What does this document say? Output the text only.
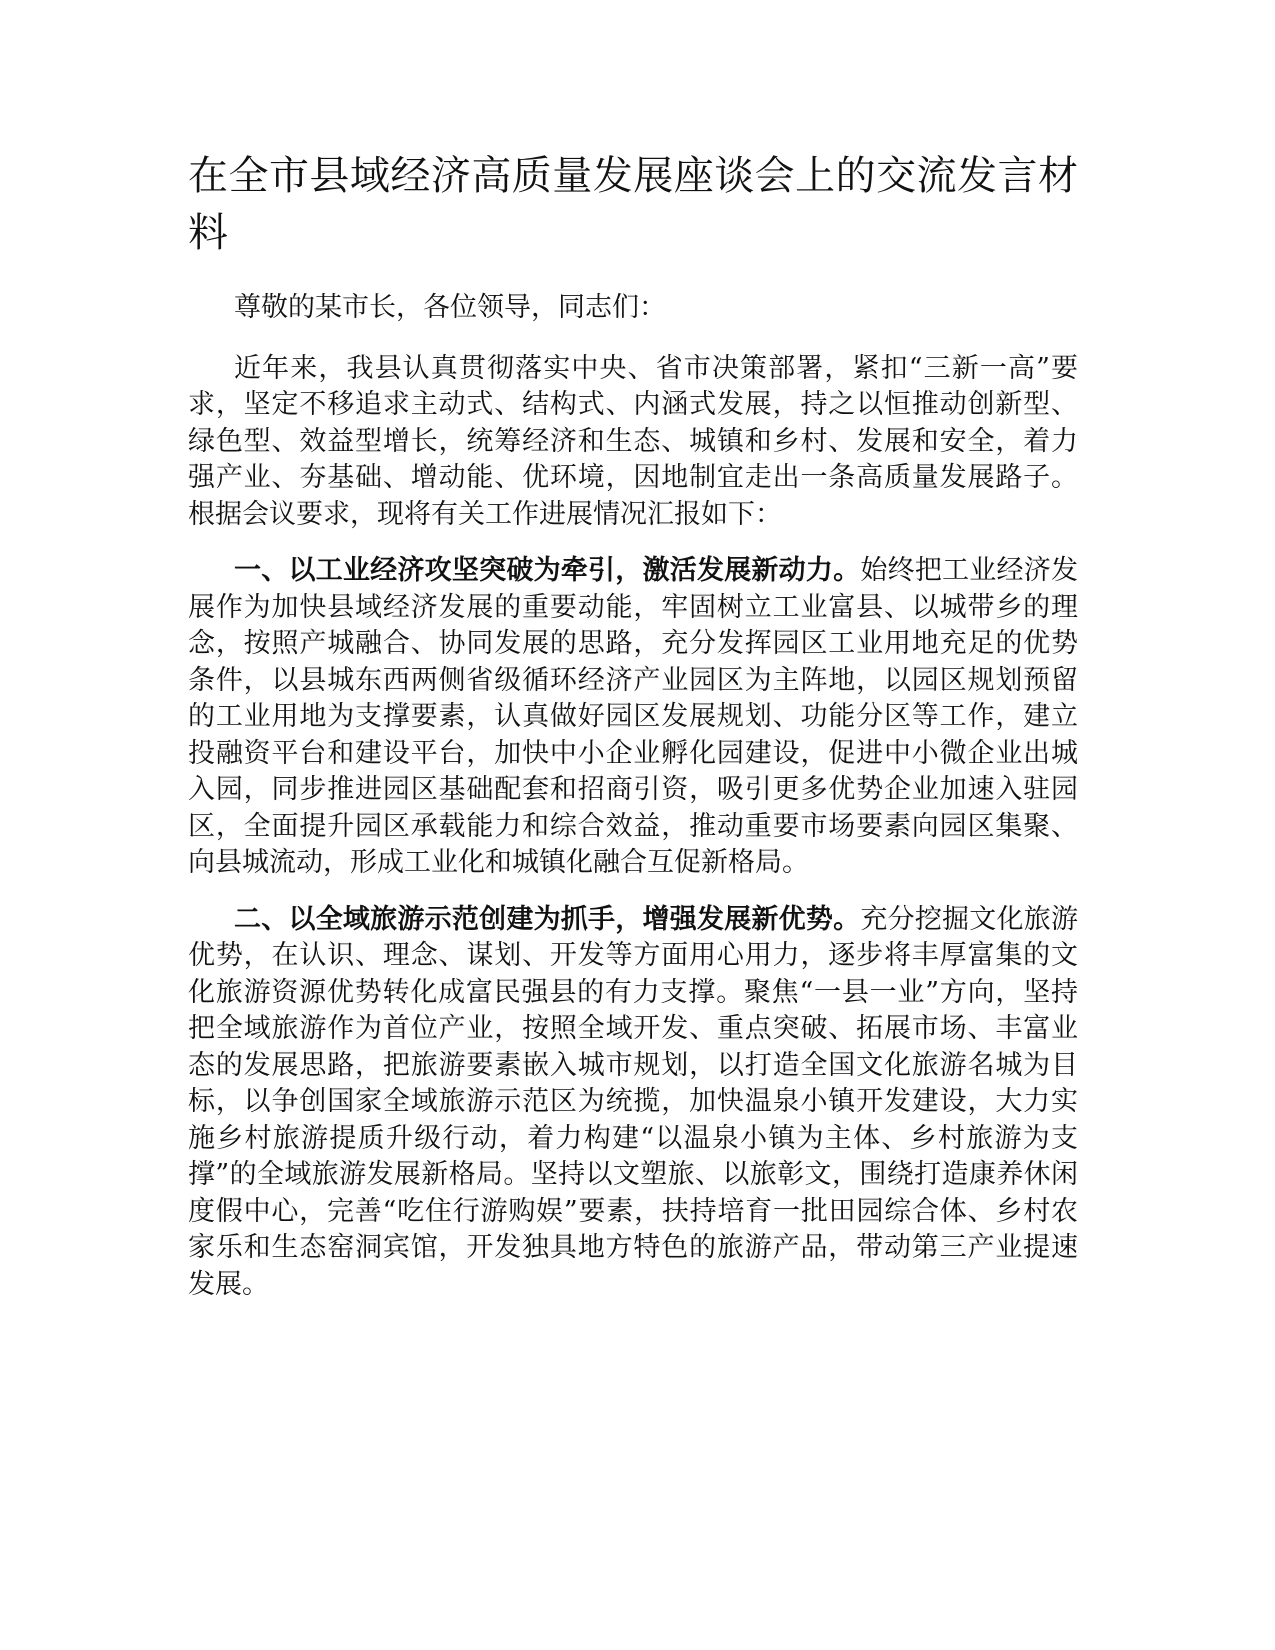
在全市县域经济高质量发展座谈会上的交流发言材料

尊敬的某市长，各位领导，同志们：

近年来，我县认真贯彻落实中央、省市决策部署，紧扣“三新一高”要求，坚定不移追求主动式、结构式、内涵式发展，持之以恒推动创新型、绿色型、效益型增长，统筹经济和生态、城镇和乡村、发展和安全，着力强产业、夯基础、增动能、优环境，因地制宜走出一条高质量发展路子。根据会议要求，现将有关工作进展情况汇报如下：

一、以工业经济攻坚突破为牵引，激活发展新动力。始终把工业经济发展作为加快县域经济发展的重要动能，牢固树立工业富县、以城带乡的理念，按照产城融合、协同发展的思路，充分发挥园区工业用地充足的优势条件，以县城东西两侧省级循环经济产业园区为主阵地，以园区规划预留的工业用地为支撑要素，认真做好园区发展规划、功能分区等工作，建立投融资平台和建设平台，加快中小企业孵化园建设，促进中小微企业出城入园，同步推进园区基础配套和招商引资，吸引更多优势企业加速入驻园区，全面提升园区承载能力和综合效益，推动重要市场要素向园区集聚、向县城流动，形成工业化和城镇化融合互促新格局。

二、以全域旅游示范创建为抓手，增强发展新优势。充分挖掘文化旅游优势，在认识、理念、谋划、开发等方面用心用力，逐步将丰厚富集的文化旅游资源优势转化成富民强县的有力支撑。聚焦“一县一业”方向，坚持把全域旅游作为首位产业，按照全域开发、重点突破、拓展市场、丰富业态的发展思路，把旅游要素嵌入城市规划，以打造全国文化旅游名城为目标，以争创国家全域旅游示范区为统揽，加快温泉小镇开发建设，大力实施乡村旅游提质升级行动，着力构建“以温泉小镇为主体、乡村旅游为支撑”的全域旅游发展新格局。坚持以文塑旅、以旅彰文，围绕打造康养休闲度假中心，完善“吃住行游购娱”要素，扶持培育一批田园综合体、乡村农家乐和生态窑洞宾馆，开发独具地方特色的旅游产品，带动第三产业提速发展。
